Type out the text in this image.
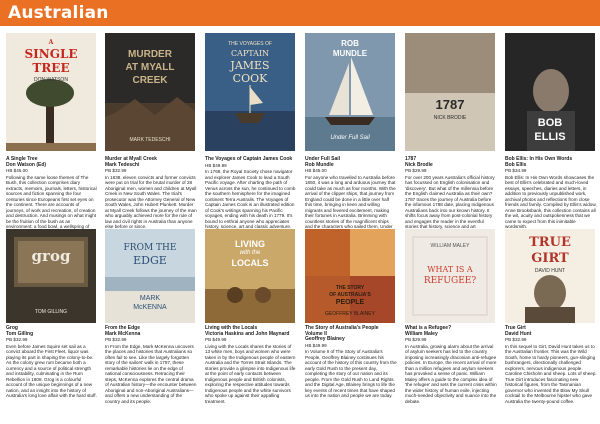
Australian
A
SINGLE
TREE
DON WATSON
A Single Tree
Don Watson (Ed)
HB $45.00
Following the same loose themes of The Bush, this collection comprises diary extracts, memoirs, journals, letters, historical sources and fiction spanning the four centuries since Europeans first set eyes on the continent. There are accounts of journeys, of work and recreation, of creation and destruction. And musings on what might be the fruition of the bush as an environment: a food bowl, a wellspring of
MURDER
AT MYALL
CREEK
MARK TEDESCHI
Murder at Myall Creek
Mark Tedeschi
PB $32.99
In 1838, eleven convicts and former convicts were put on trial for the brutal murder of 28 Aboriginal men, women and children at Myall Creek in New South Wales. The trial's prosecutor was the Attorney General of New South Wales, John Hubert Plunkett. Murder at Myall Creek follows the journey of the man who arguably achieved more for the rule of law and civil rights in Australia than anyone else before or since.
THE VOYAGES OF
CAPTAIN
JAMES
COOK
The Voyages of Captain James Cook
HB $49.99
In 1768, the Royal Society chose navigator and explorer James Cook to lead a South Pacific voyage. After charting the path of Venus across the sun, he continued to comb the southern hemisphere for the imagined continent Terra Australis. The Voyages of Captain James Cook is an illustrated edition of Cook's writings spanning his Pacific voyages, ending with his death in 1779. It's bound to enthral anyone who appreciates history, science, art and classic adventure.
ROB
MUNDLE
Under Full Sail
Under Full Sail
Rob Mundle
HB $45.00
For anyone who travelled to Australia before 1850, it was a long and arduous journey that could take as much as four months. With the arrival of the clipper ships, that journey from England could be done in a little over half this time, bringing in keen and willing migrants and fevered excitement, making their fortunes in Australia. Brimming with countless stories of the magnificent ships and the characters who sailed them, Under
1787
NICK BRODIE
1787
Nick Brodie
PB $29.99
For over 200 years Australia's official history has focussed on English colonisation and 'discovery'. But what of the millennia before the English claimed Australia as their own? 1787 traces the journey of Australia before the infamous 1788 date, placing Indigenous Australians back into our known history. It shifts focus away from post-colonial history and engages the reader in the eventful stories that history, science and art
BOB
ELLIS
Bob Ellis: In His Own Words
Bob Ellis
PB $34.99
Bob Ellis: In His Own Words showcases the best of Ellis's celebrated and much-loved essays, speeches, diaries and letters, in addition to previously unpublished work, archival photos and reflections from close friends and family. Compiled by Ellis's widow, Anne Brooksbank, this collection contains all the wit, acuity and outspokenness that we came to expect from this inimitable wordsmith.
grog
TOM GILLING
Grog
Tom Gilling
PB $32.99
Even before James Squire set sail as a convict aboard the First Fleet, liquor was playing its part in shaping the colony-to-be. As the colony grew rum became both a currency and a source of political strength and instability, culminating in the Rum Rebellion in 1808. Grog is a colourful account of the unique beginnings of a new nation, and an insight into the history of Australia's long love affair with the hard stuff.
FROM THE
EDGE
MARK
McKENNA
From the Edge
Mark McKenna
PB $32.99
In From the Edge, Mark McKenna uncovers the places and histories that Australians so often fail to see. Like the largely forgotten story of the sailors' walk in 1797, these remarkable histories lie on the edge of national consciousness. Retracing their steps, McKenna explores the central drama of Australian history—the encounter between Aboriginal and non-Aboriginal Australians—and offers a new understanding of the country and its people.
LIVING
with the
LOCALS
Living with the Locals
Victoria Haskins and John Maynard
PB $49.99
Living with the Locals shares the stories of 13 white men, boys and women who were taken in by the Indigenous people of eastern Australia and the Torres Strait Islands. The stories provide a glimpse into Indigenous life at the point of early contacts between Indigenous people and British colonists, exploring the respective attitudes towards Indigenous people and the white survivors who spoke up against their appalling treatment.
THE STORY
OF AUSTRALIA'S
PEOPLE
GEOFFREY BLAINEY
The Story of Australia's People Volume II
Geoffrey Blainey
HB $49.99
In Volume II of The Story of Australia's People, Geoffrey Blainey continues his account of the history of this country from the early Gold Rush to the present day, completing the story of our nation and its people. From the Gold Rush to Land Rights and the Digital Age, Blainey brings to life the key events of recent times that have shaped us into the nation and people we are today.
WHAT IS A
REFUGEE?
WILLIAM MALEY
What is a Refugee?
William Maley
PB $29.99
In Australia, growing alarm about the arrival of asylum seekers has led to the country imposing increasingly draconian anti-refugee policies. In Europe, the recent arrival of more than a million refugees and asylum seekers has provoked a sense of panic. William Maley offers a guide to the complex idea of 'the refugee' and sets the current crisis within the wider history of human exile, injecting much-needed objectivity and nuance into the debate.
TRUE
GIRT
DAVID HUNT
True Girt
David Hunt
PB $32.99
In this sequel to Girt, David Hunt takes us to the Australian frontier. This was the Wild South, home to hardy pioneers, gun-slinging bushrangers, directionally challenged explorers, nervous indigenous people. Caroline Chisholm and sheep. Lots of sheep. True Girt introduces fascinating new historical figures, from the Tasmanian governor who invented the Blow My Skull cocktail to the Melbourne hipster who gave Australia the twenty-pound coffee.
